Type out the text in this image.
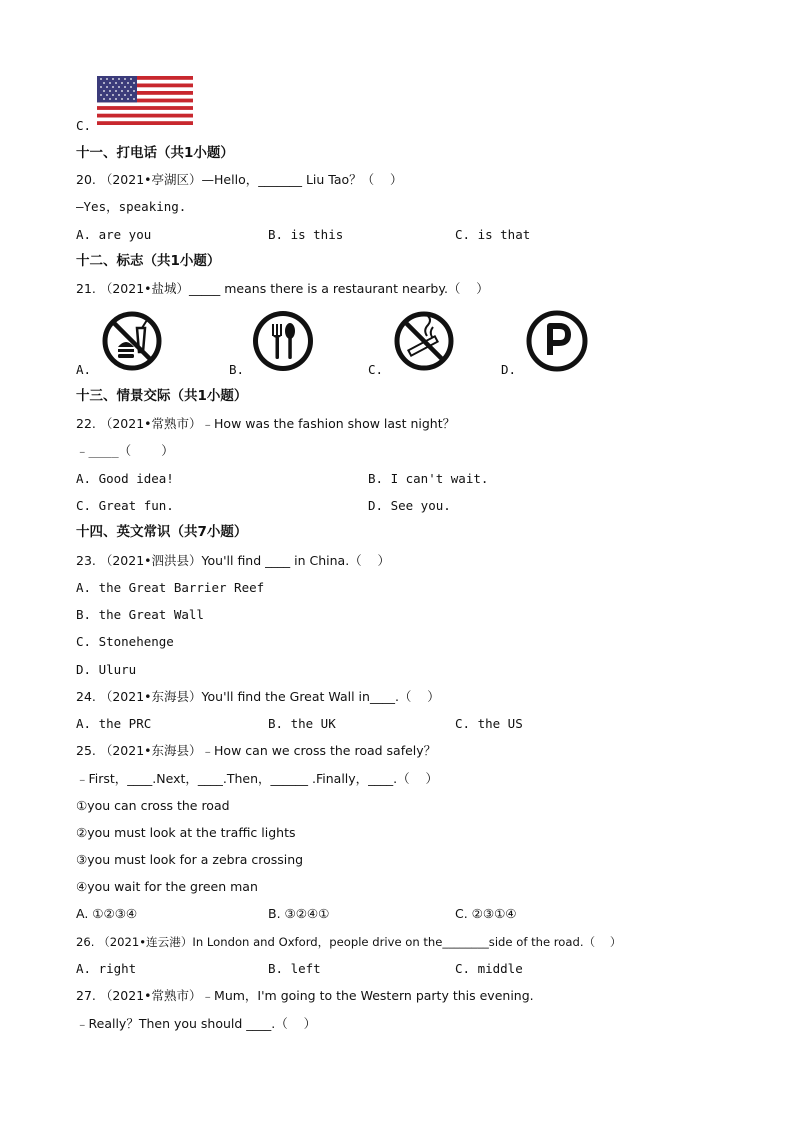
C.
十一、打电话（共1小题）
20. （2021•亭湖区）—Hello，_______ Liu Tao？（    ）
—Yes，speaking.
A. are you	B. is this	C. is that
十二、标志（共1小题）
21. （2021•盐城）_____ means there is a restaurant nearby.（    ）
A.	B.	C.	D.
十三、情景交际（共1小题）
22. （2021•常熟市）﹣How was the fashion show last night？
﹣____（    ）
A. Good idea!	B. I can't wait.
C. Great fun.	D. See you.
十四、英文常识（共7小题）
23. （2021•泗洪县）You'll find ____ in China.（    ）
A. the Great Barrier Reef
B. the Great Wall
C. Stonehenge
D. Uluru
24. （2021•东海县）You'll find the Great Wall in____.（    ）
A. the PRC	B. the UK	C. the US
25. （2021•东海县）﹣How can we cross the road safely？
﹣First，____.Next，____.Then，______ .Finally，____.（    ）
①you can cross the road
②you must look at the traffic lights
③you must look for a zebra crossing
④you wait for the green man
A. ①②③④	B. ③②④①	C. ②③①④
26. （2021•连云港）In London and Oxford，people drive on the________side of the road.（    ）
A. right	B. left	C. middle
27. （2021•常熟市）﹣Mum，I'm going to the Western party this evening.
﹣Really？Then you should ____.（    ）
